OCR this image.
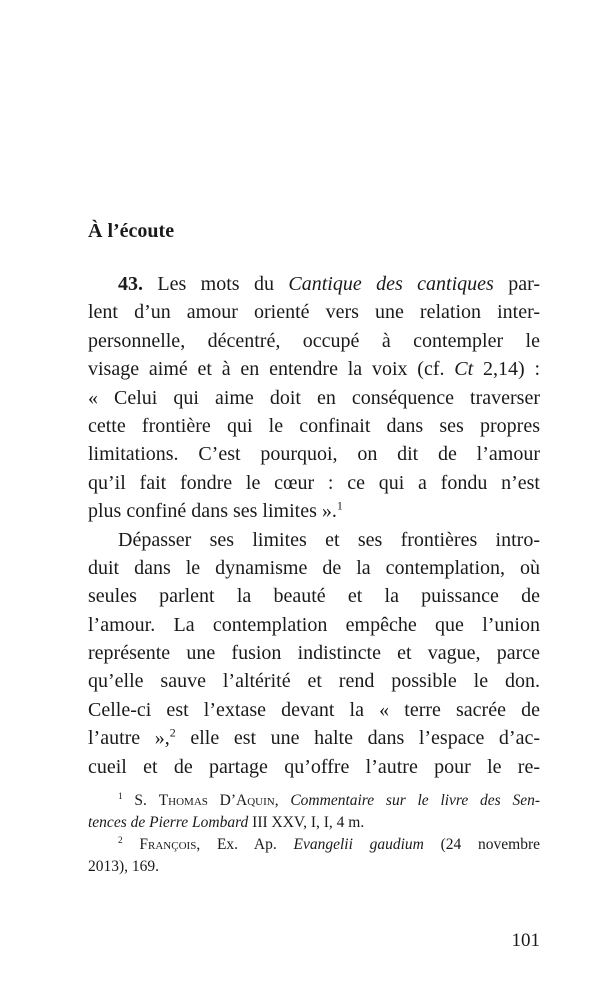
À l’écoute
43. Les mots du Cantique des cantiques par-
lent d’un amour orienté vers une relation inter-
personnelle, décentré, occupé à contempler le
visage aimé et à en entendre la voix (cf. Ct 2,14) :
« Celui qui aime doit en conséquence traverser
cette frontière qui le confinait dans ses propres
limitations. C’est pourquoi, on dit de l’amour
qu’il fait fondre le cœur : ce qui a fondu n’est
plus confiné dans ses limites ».$^1$
Dépasser ses limites et ses frontières intro-
duit dans le dynamisme de la contemplation, où
seules parlent la beauté et la puissance de
l’amour. La contemplation empêche que l’union
représente une fusion indistincte et vague, parce
qu’elle sauve l’altérité et rend possible le don.
Celle-ci est l’extase devant la « terre sacrée de
l’autre »,$^2$ elle est une halte dans l’espace d’ac-
cueil et de partage qu’offre l’autre pour le re-
$^1$ S. Thomas D’Aquin, Commentaire sur le livre des Sen-
tences de Pierre Lombard III XXV, I, I, 4 m.
$^2$ François, Ex. Ap. Evangelii gaudium (24 novembre
2013), 169.
101
